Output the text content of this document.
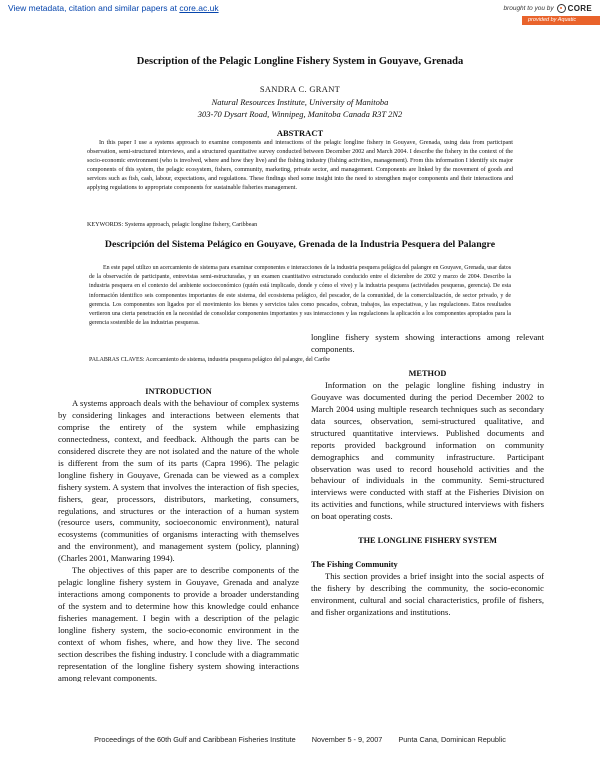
View metadata, citation and similar papers at core.ac.uk	brought to you by CORE
provided by Aquatic Commons
Description of the Pelagic Longline Fishery System in Gouyave, Grenada
SANDRA C. GRANT
Natural Resources Institute, University of Manitoba
303-70 Dysart Road, Winnipeg, Manitoba Canada R3T 2N2
ABSTRACT

In this paper I use a systems approach to examine components and interactions of the pelagic longline fishery in Gouyave, Grenada, using data from participant observation, semi-structured interviews, and a structured quantitative survey conducted between December 2002 and March 2004. I describe the fishery in the context of the socio-economic environment (who is involved, where and how they live) and the fishing industry (fishing activities, management). From this information I identify six major components of this system, the pelagic ecosystem, fishers, community, marketing, private sector, and management. Components are linked by the movement of goods and services such as fish, cash, labour, expectations, and regulations. These findings shed some insight into the need to strengthen major components and their interactions and applying regulations to appropriate components for sustainable fisheries management.

KEYWORDS: Systems approach, pelagic longline fishery, Caribbean
Descripción del Sistema Pelágico en Gouyave, Grenada de la Industria Pesquera del Palangre

En este papel utilizo un acercamiento de sistema para examinar componentes e interacciones de la industria pesquera pelágica del palangre en Gouyave, Grenada, usar datos de la observación de participante, entrevistas semi-estructuradas, y un examen cuantitativo estructurado conducido entre el diciembre de 2002 y marzo de 2004. Describo la industria pesquera en el contexto del ambiente socioeconómico (quién está implicado, donde y cómo el vive) y la industria pesquera (actividades pesqueras, gerencia). De esta información identifico seis componentes importantes de este sistema, del ecosistema pelágico, del pescador, de la comunidad, de la comercialización, de sector privado, y de gerencia. Los componentes son ligados por el movimiento los bienes y servicios tales como pescados, cobran, trabajos, las expectativas, y las regulaciones. Estos resultados vertieron una cierta penetración en la necesidad de consolidar componentes importantes y sus interacciones y las regulaciones la aplicación a los componentes apropiados para la gerencia sostenible de las industrias pesqueras.

PALABRAS CLAVES: Acercamiento de sistema, industria pesquera pelágico del palangre, del Caribe

INTRODUCTION

A systems approach deals with the behaviour of complex systems by considering linkages and interactions between elements that comprise the entirety of the system while emphasizing connectedness, context, and feedback. Although the parts can be considered discrete they are not isolated and the nature of the whole is different from the sum of its parts (Capra 1996). The pelagic longline fishery in Gouyave, Grenada can be viewed as a complex fishery system. A system that involves the interaction of fish species, fishers, gear, processors, distributors, marketing, consumers, regulations, and structures or the interaction of a human system (resource users, community, socioeconomic environment), natural ecosystems (communities of organisms interacting with themselves and the environment), and management system (policy, planning) (Charles 2001, Manwaring 1994).

The objectives of this paper are to describe components of the pelagic longline fishery system in Gouyave, Grenada and analyze interactions among components to provide a broader understanding of the system and to determine how this knowledge could enhance fisheries management. I begin with a description of the pelagic longline fishery system, the socio-economic environment in the context of whom fishes, where, and how they live. The second section describes the fishing industry. I conclude with a diagrammatic representation of the longline fishery system showing interactions among relevant components.

longline fishery system showing interactions among relevant components.

METHOD

Information on the pelagic longline fishing industry in Gouyave was documented during the period December 2002 to March 2004 using multiple research techniques such as secondary data sources, observation, semi-structured qualitative, and structured quantitative interviews. Published documents and reports provided background information on community demographics and community infrastructure. Participant observation was used to record household activities and the behaviour of individuals in the community. Semi-structured interviews were conducted with staff at the Fisheries Division on its activities and functions, while structured interviews with fishers on boat operating costs.

THE LONGLINE FISHERY SYSTEM

The Fishing Community

This section provides a brief insight into the social aspects of the fishery by describing the community, the socio-economic environment, cultural and social characteristics, profile of fishers, and fisher organizations and institutions.

Proceedings of the 60th Gulf and Caribbean Fisheries Institute November 5 - 9, 2007 Punta Cana, Dominican Republic
